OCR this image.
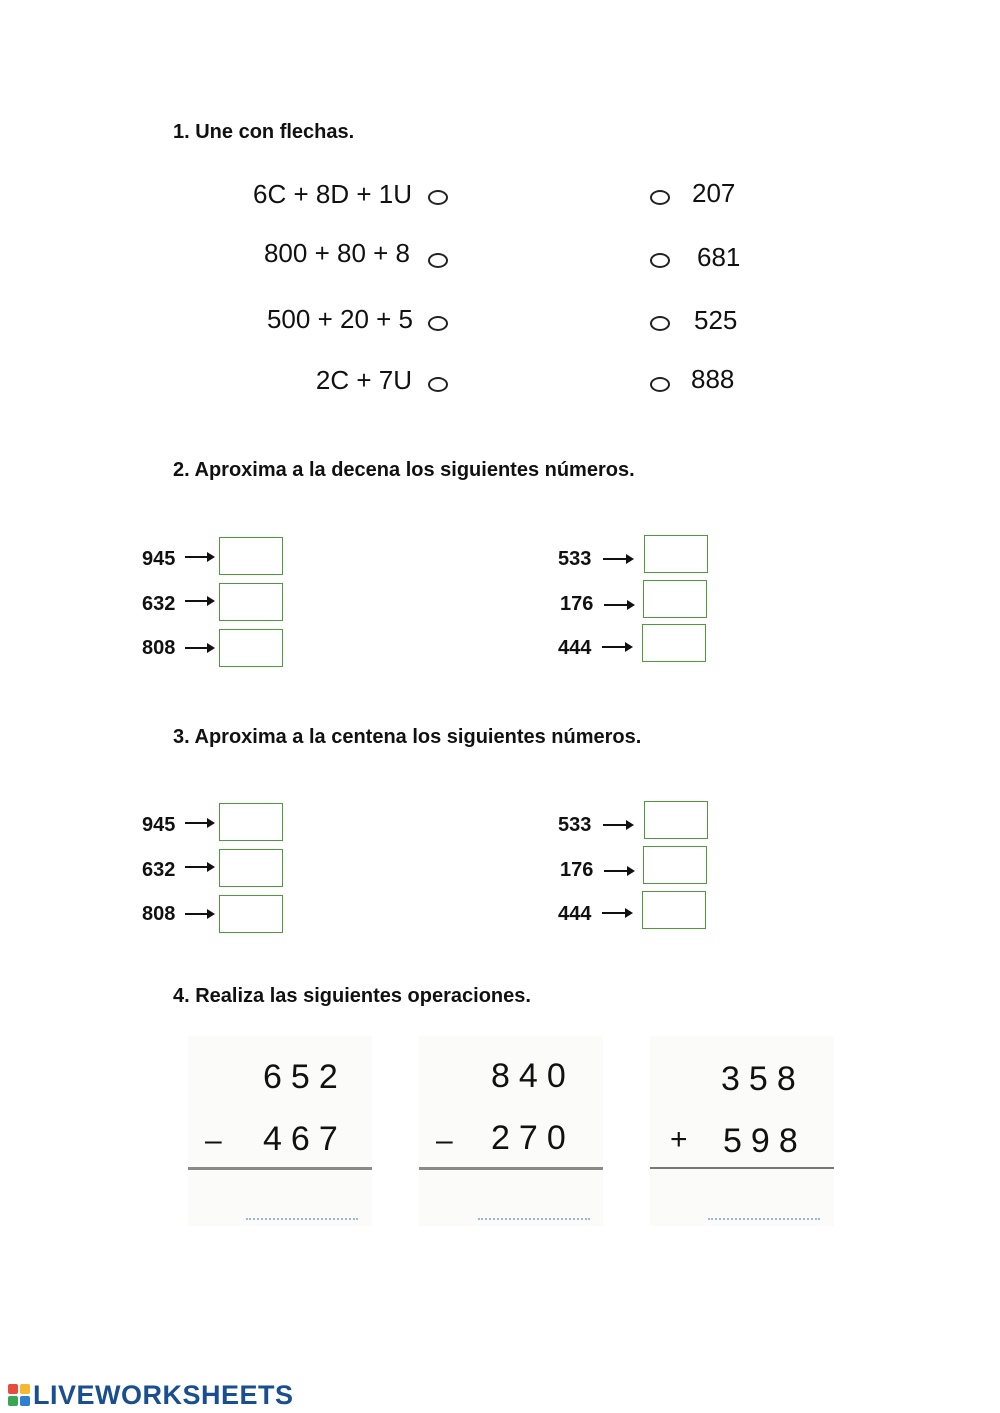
1. Une con flechas.
6C + 8D + 1U	207
800 + 80 + 8	681
500 + 20 + 5	525
2C + 7U	888
2. Aproxima a la decena los siguientes números.
945
632
808
533
176
444
3. Aproxima a la centena los siguientes números.
945
632
808
533
176
444
4. Realiza las siguientes operaciones.
652
– 467
840
– 270
358
+ 598
LIVEWORKSHEETS
